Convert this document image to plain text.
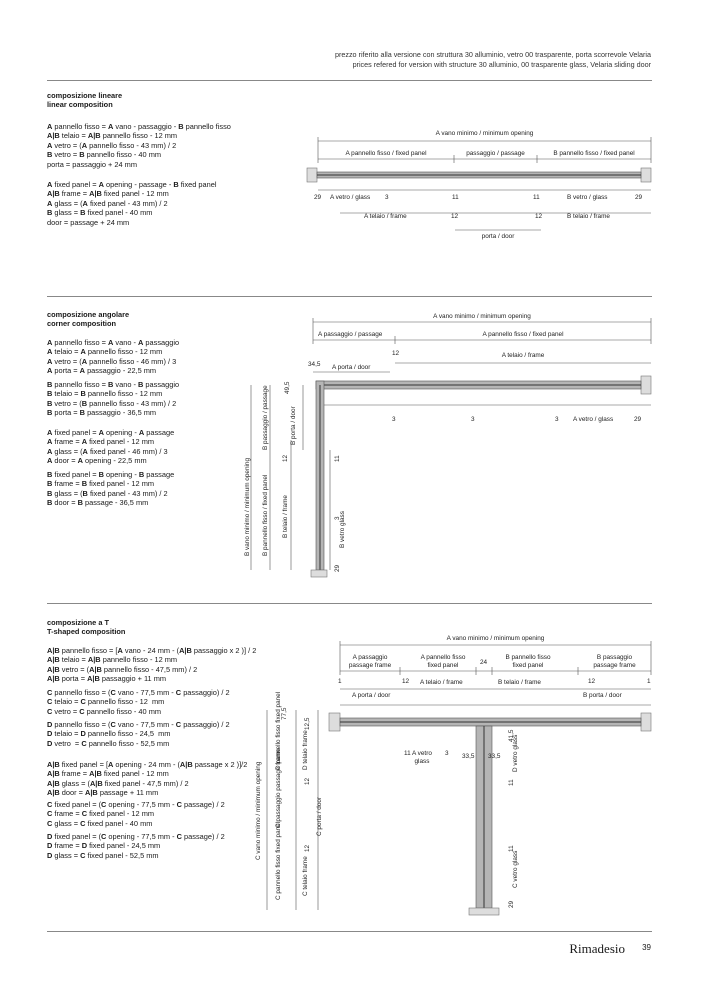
prezzo riferito alla versione con struttura 30 alluminio, vetro 00 trasparente, porta scorrevole Velaria
prices refered for version with structure 30 alluminio, 00 trasparente glass, Velaria sliding door
composizione lineare
linear composition
A pannello fisso = A vano - passaggio - B pannello fisso
A|B telaio = A|B pannello fisso - 12 mm
A vetro = (A pannello fisso - 43 mm) / 2
B vetro = B pannello fisso - 40 mm
porta = passaggio + 24 mm
A fixed panel = A opening - passage - B fixed panel
A|B frame = A|B fixed panel - 12 mm
A glass = (A fixed panel - 43 mm) / 2
B glass = B fixed panel - 40 mm
door = passage + 24 mm
A vano minimo / minimum opening
A pannello fisso / fixed panel	passaggio / passage	B pannello fisso / fixed panel
29 A vetro / glass 3	11	11	B vetro / glass	29
A telaio / frame	12	12	B telaio / frame
porta / door
composizione angolare
corner composition
A pannello fisso = A vano - A passaggio
A telaio = A pannello fisso - 12 mm
A vetro = (A pannello fisso - 46 mm) / 3
A porta = A passaggio - 22,5 mm
B pannello fisso = B vano - B passaggio
B telaio = B pannello fisso - 12 mm
B vetro = (B pannello fisso - 43 mm) / 2
B porta = B passaggio - 36,5 mm
A fixed panel = A opening - A passage
A frame = A fixed panel - 12 mm
A glass = (A fixed panel - 46 mm) / 3
A door = A opening - 22,5 mm
B fixed panel = B opening - B passage
B frame = B fixed panel - 12 mm
B glass = (B fixed panel - 43 mm) / 2
B door = B passage - 36,5 mm
A vano minimo / minimum opening
A passaggio / passage	A pannello fisso / fixed panel
12	A telaio / frame
34,5 A porta / door
3	3	3 A vetro / glass	29
B vano minimo / minimum opening
B passaggio / passage
B pannello fisso / fixed panel
49,5
B porta / door
12
B telaio / frame
11
3
B vetro glass
29
composizione a T
T-shaped composition
A|B pannello fisso = [A vano - 24 mm - (A|B passaggio x 2 )] / 2
A|B telaio = A|B pannello fisso - 12 mm
A|B vetro = (A|B pannello fisso - 47,5 mm) / 2
A|B porta = A|B passaggio + 11 mm
C pannello fisso = (C vano - 77,5 mm - C passaggio) / 2
C telaio = C pannello fisso - 12  mm
C vetro = C pannello fisso - 40 mm
D pannello fisso = (C vano - 77,5 mm - C passaggio) / 2
D telaio = D pannello fisso - 24,5  mm
D vetro  = C pannello fisso - 52,5 mm
A|B fixed panel = [A opening - 24 mm - (A|B passage x 2 )]/2
A|B frame = A|B fixed panel - 12 mm
A|B glass = (A|B fixed panel - 47,5 mm) / 2
A|B door = A|B passage + 11 mm
C fixed panel = (C opening - 77,5 mm - C passage) / 2
C frame = C fixed panel - 12 mm
C glass = C fixed panel - 40 mm
D fixed panel = (C opening - 77,5 mm - C passage) / 2
D frame = D fixed panel - 24,5 mm
D glass = C fixed panel - 52,5 mm
A vano minimo / minimum opening
A passaggio
passage frame
A pannello fisso
fixed panel	24
B pannello fisso
fixed panel
B passaggio
passage frame
1	12 A telaio / frame	B telaio / frame	12	1
A porta / door	B porta / door
11 A vetro
glass
3 33,5 33,5
41,5
D vetro glass
11
11
C vetro glass
29
C vano minimo / minimum opening
77,5
D pannello fisso fixed panel
C passaggio passage frame
C pannello fisso fixed panel
12,5
D telaio frame
12
C porta / door
12
C telaio frame
Rimadesio 39
